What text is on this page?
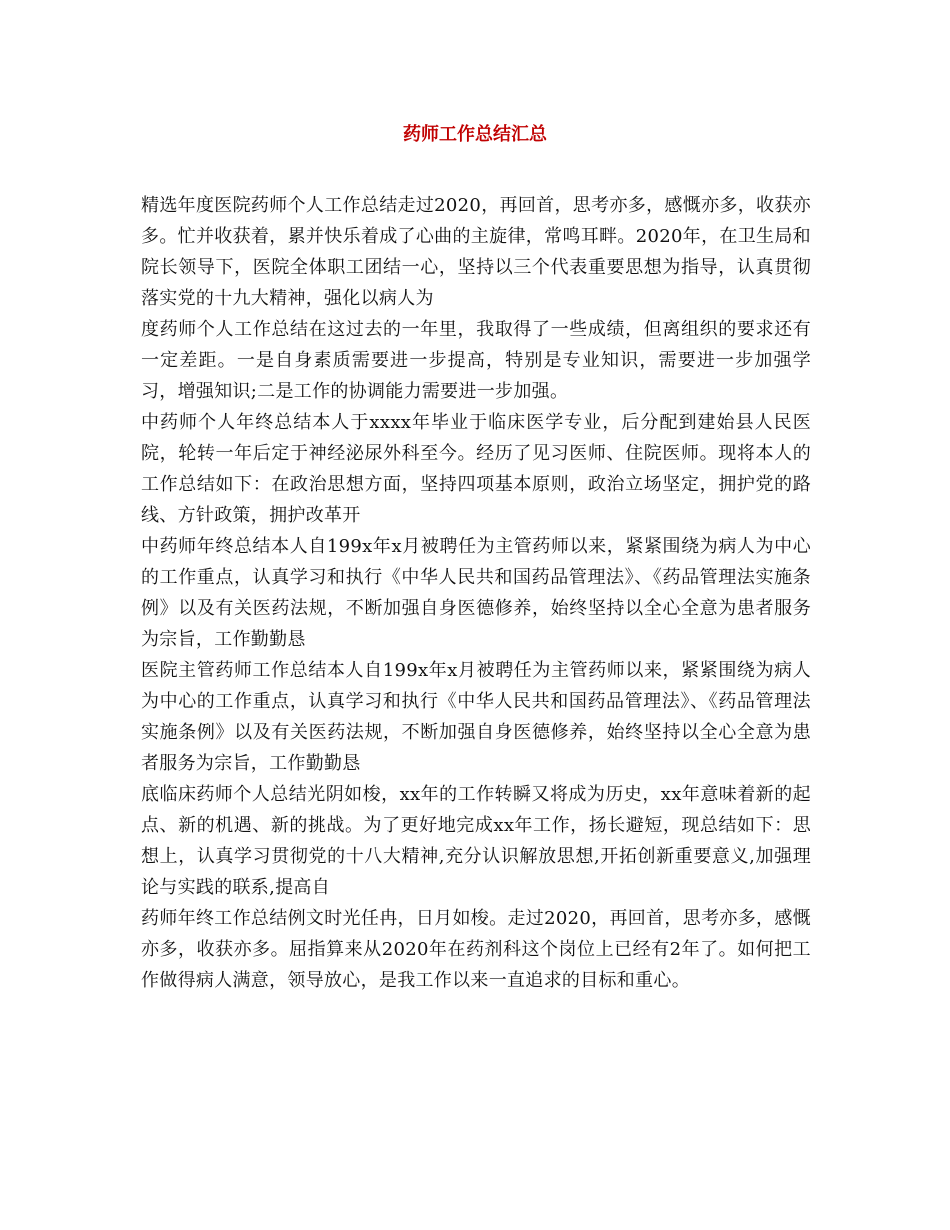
药师工作总结汇总

精选年度医院药师个人工作总结走过2020，再回首，思考亦多，感慨亦多，收获亦多。忙并收获着，累并快乐着成了心曲的主旋律，常鸣耳畔。2020年，在卫生局和院长领导下，医院全体职工团结一心，坚持以三个代表重要思想为指导，认真贯彻落实党的十九大精神，强化以病人为

度药师个人工作总结在这过去的一年里，我取得了一些成绩，但离组织的要求还有一定差距。一是自身素质需要进一步提高，特别是专业知识，需要进一步加强学习，增强知识;二是工作的协调能力需要进一步加强。

中药师个人年终总结本人于xxxx年毕业于临床医学专业，后分配到建始县人民医院，轮转一年后定于神经泌尿外科至今。经历了见习医师、住院医师。现将本人的工作总结如下：在政治思想方面，坚持四项基本原则，政治立场坚定，拥护党的路线、方针政策，拥护改革开

中药师年终总结本人自199x年x月被聘任为主管药师以来，紧紧围绕为病人为中心的工作重点，认真学习和执行《中华人民共和国药品管理法》、《药品管理法实施条例》以及有关医药法规，不断加强自身医德修养，始终坚持以全心全意为患者服务为宗旨，工作勤勤恳

医院主管药师工作总结本人自199x年x月被聘任为主管药师以来，紧紧围绕为病人为中心的工作重点，认真学习和执行《中华人民共和国药品管理法》、《药品管理法实施条例》以及有关医药法规，不断加强自身医德修养，始终坚持以全心全意为患者服务为宗旨，工作勤勤恳

底临床药师个人总结光阴如梭，xx年的工作转瞬又将成为历史，xx年意味着新的起点、新的机遇、新的挑战。为了更好地完成xx年工作，扬长避短，现总结如下：思想上，认真学习贯彻党的十八大精神,充分认识解放思想,开拓创新重要意义,加强理论与实践的联系,提高自

药师年终工作总结例文时光任冉，日月如梭。走过2020，再回首，思考亦多，感慨亦多，收获亦多。屈指算来从2020年在药剂科这个岗位上已经有2年了。如何把工作做得病人满意，领导放心，是我工作以来一直追求的目标和重心。
